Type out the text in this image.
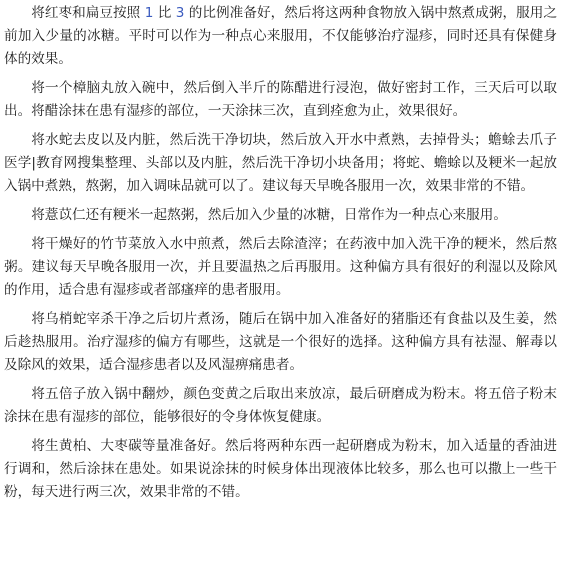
将红枣和扁豆按照 1 比 3 的比例准备好，然后将这两种食物放入锅中熬煮成粥，服用之前加入少量的冰糖。平时可以作为一种点心来服用，不仅能够治疗湿疹，同时还具有保健身体的效果。

将一个樟脑丸放入碗中，然后倒入半斤的陈醋进行浸泡，做好密封工作，三天后可以取出。将醋涂抹在患有湿疹的部位，一天涂抹三次，直到痊愈为止，效果很好。

将水蛇去皮以及内脏，然后洗干净切块，然后放入开水中煮熟，去掉骨头；蟾蜍去爪子医学|教育网搜集整理、头部以及内脏，然后洗干净切小块备用；将蛇、蟾蜍以及粳米一起放入锅中煮熟，熬粥，加入调味品就可以了。建议每天早晚各服用一次，效果非常的不错。

将薏苡仁还有粳米一起熬粥，然后加入少量的冰糖，日常作为一种点心来服用。

将干燥好的竹节菜放入水中煎煮，然后去除渣滓；在药液中加入洗干净的粳米，然后熬粥。建议每天早晚各服用一次，并且要温热之后再服用。这种偏方具有很好的利湿以及除风的作用，适合患有湿疹或者部瘙痒的患者服用。

将乌梢蛇宰杀干净之后切片煮汤，随后在锅中加入准备好的猪脂还有食盐以及生姜，然后趁热服用。治疗湿疹的偏方有哪些，这就是一个很好的选择。这种偏方具有祛湿、解毒以及除风的效果，适合湿疹患者以及风湿痹痛患者。

将五倍子放入锅中翻炒，颜色变黄之后取出来放凉，最后研磨成为粉末。将五倍子粉末涂抹在患有湿疹的部位，能够很好的令身体恢复健康。

将生黄柏、大枣碳等量准备好。然后将两种东西一起研磨成为粉末，加入适量的香油进行调和，然后涂抹在患处。如果说涂抹的时候身体出现液体比较多，那么也可以撒上一些干粉，每天进行两三次，效果非常的不错。
